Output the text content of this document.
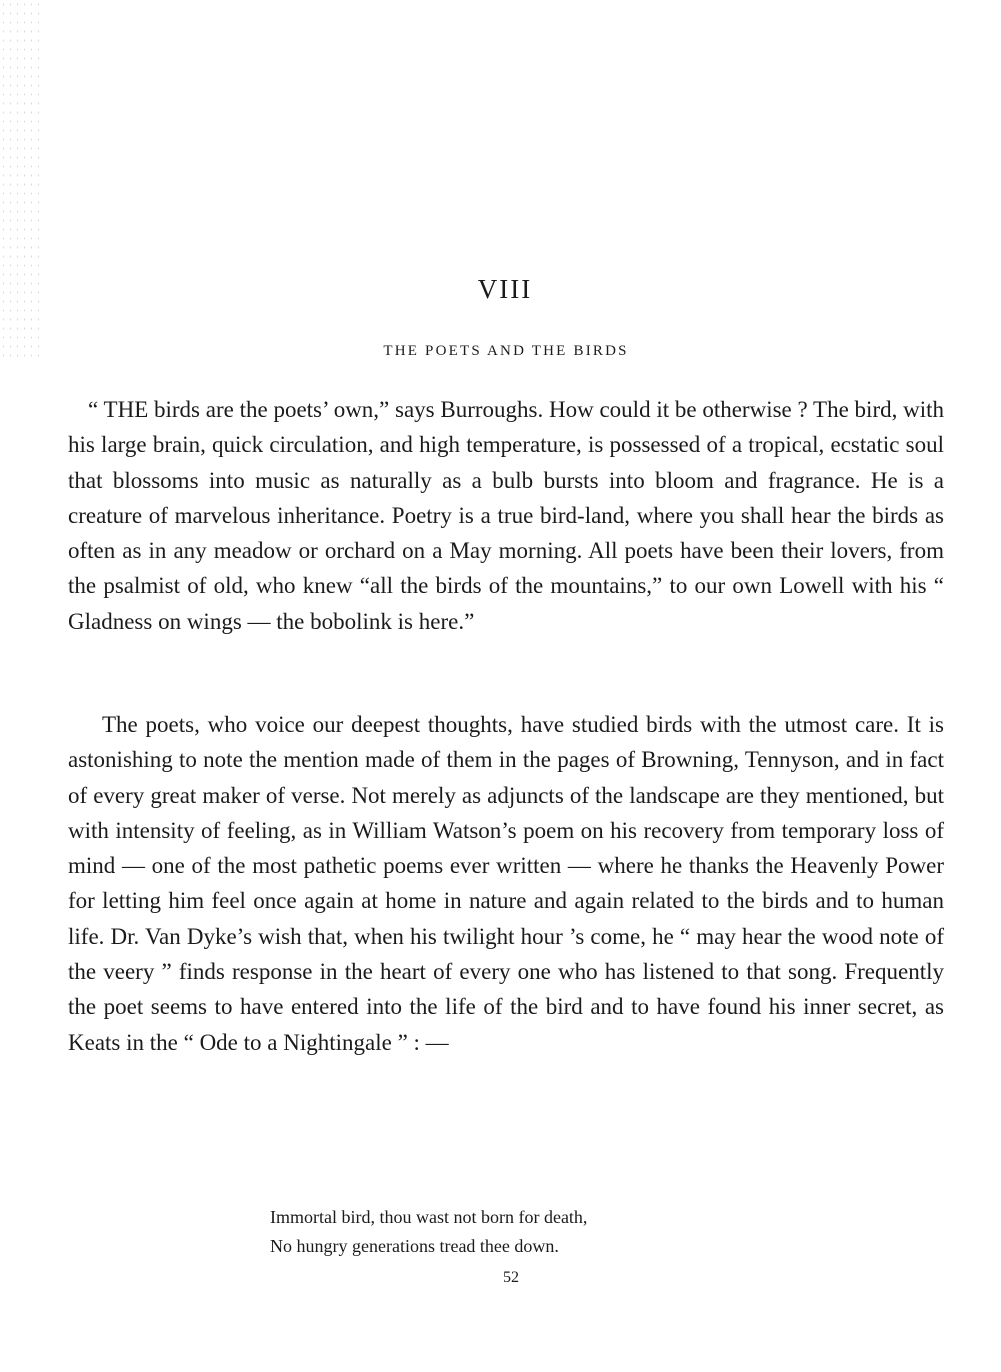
VIII
THE POETS AND THE BIRDS

“ THE birds are the poets’ own,” says Burroughs. How could it be otherwise ? The bird, with his large brain, quick circulation, and high temperature, is possessed of a tropical, ecstatic soul that blossoms into music as naturally as a bulb bursts into bloom and fragrance. He is a creature of marvelous inheritance. Poetry is a true bird-land, where you shall hear the birds as often as in any meadow or orchard on a May morning. All poets have been their lovers, from the psalmist of old, who knew “all the birds of the mountains,” to our own Lowell with his “ Gladness on wings — the bobolink is here.”

The poets, who voice our deepest thoughts, have studied birds with the utmost care. It is astonishing to note the mention made of them in the pages of Browning, Tennyson, and in fact of every great maker of verse. Not merely as adjuncts of the landscape are they mentioned, but with intensity of feeling, as in William Watson’s poem on his recovery from temporary loss of mind — one of the most pathetic poems ever written — where he thanks the Heavenly Power for letting him feel once again at home in nature and again related to the birds and to human life. Dr. Van Dyke’s wish that, when his twilight hour ’s come, he “ may hear the wood note of the veery ” finds response in the heart of every one who has listened to that song. Frequently the poet seems to have entered into the life of the bird and to have found his inner secret, as Keats in the “ Ode to a Nightingale ” : —

Immortal bird, thou wast not born for death,
No hungry generations tread thee down.
52
